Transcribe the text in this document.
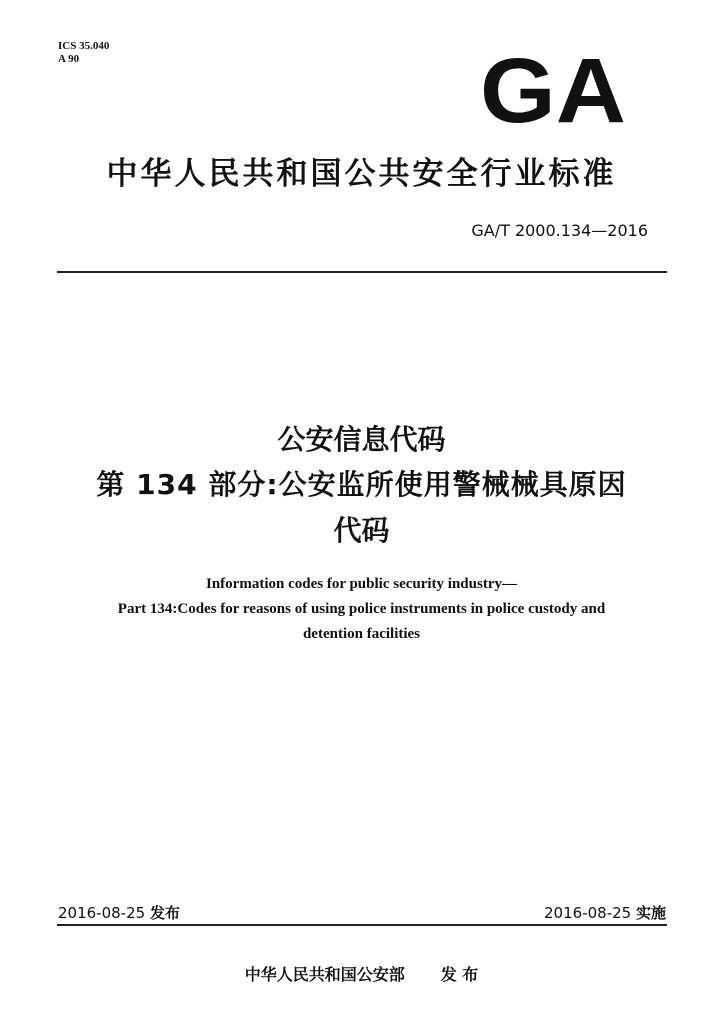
ICS 35.040
A 90	GA
中华人民共和国公共安全行业标准
GA/T 2000.134—2016
公安信息代码
第 134 部分:公安监所使用警械械具原因
代码
Information codes for public security industry—
Part 134:Codes for reasons of using police instruments in police custody and
detention facilities
2016-08-25 发布	2016-08-25 实施
中华人民共和国公安部 发 布
